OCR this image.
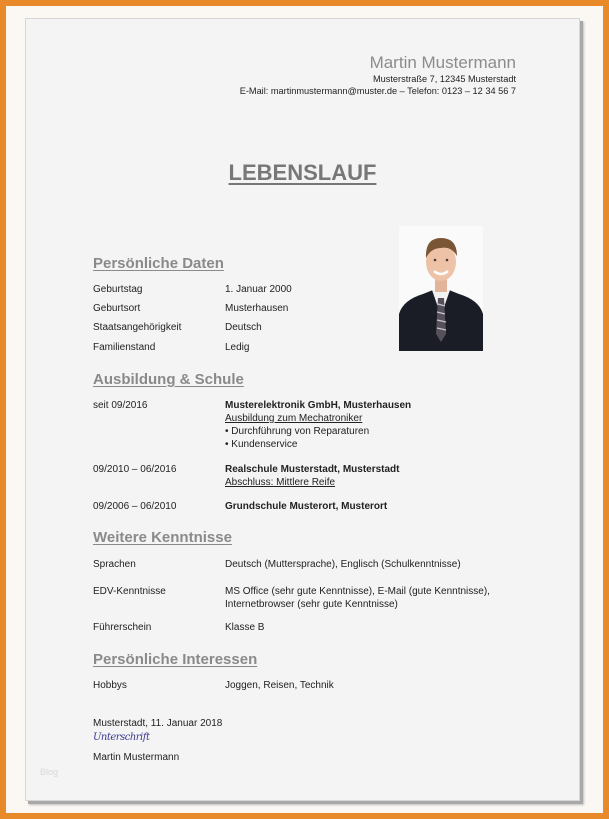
Martin Mustermann
Musterstraße 7, 12345 Musterstadt
E-Mail: martinmustermann@muster.de – Telefon: 0123 – 12 34 56 7
LEBENSLAUF
Persönliche Daten
Geburtstag	1. Januar 2000
Geburtsort	Musterhausen
Staatsangehörigkeit	Deutsch
Familienstand	Ledig
Ausbildung & Schule
seit 09/2016	Musterelektronik GmbH, Musterhausen
Ausbildung zum Mechatroniker
• Durchführung von Reparaturen
• Kundenservice
09/2010 – 06/2016	Realschule Musterstadt, Musterstadt
Abschluss: Mittlere Reife
09/2006 – 06/2010	Grundschule Musterort, Musterort
Weitere Kenntnisse
Sprachen	Deutsch (Muttersprache), Englisch (Schulkenntnisse)
EDV-Kenntnisse	MS Office (sehr gute Kenntnisse), E-Mail (gute Kenntnisse),
Internetbrowser (sehr gute Kenntnisse)
Führerschein	Klasse B
Persönliche Interessen
Hobbys	Joggen, Reisen, Technik
Musterstadt, 11. Januar 2018
Unterschrift
Martin Mustermann
Blog
